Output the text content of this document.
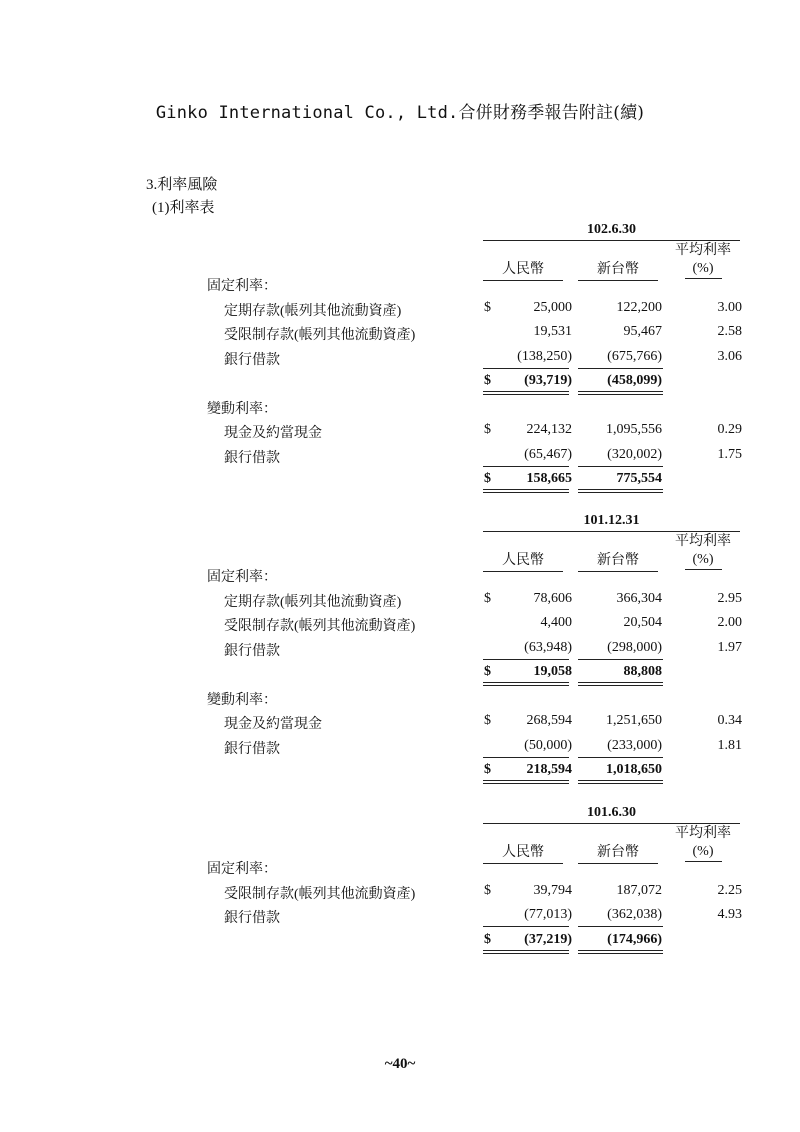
Ginko International Co., Ltd.合併財務季報告附註(續)
3.利率風險
(1)利率表
102.6.30
平均利率
(%)
人民幣	新台幣
固定利率：
定期存款(帳列其他流動資產)	$	25,000	122,200	3.00
受限制存款(帳列其他流動資產)	19,531	95,467	2.58
銀行借款	(138,250)	(675,766)	3.06
$ (93,719)	(458,099)
變動利率：
現金及約當現金	$	224,132 1,095,556	0.29
銀行借款	(65,467)	(320,002)	1.75
$	158,665	775,554
101.12.31
平均利率
(%)
人民幣	新台幣
固定利率：
定期存款(帳列其他流動資產)	$	78,606	366,304	2.95
受限制存款(帳列其他流動資產)	4,400	20,504	2.00
銀行借款	(63,948)	(298,000)	1.97
$	19,058	88,808
變動利率：
現金及約當現金	$	268,594 1,251,650	0.34
銀行借款	(50,000)	(233,000)	1.81
$	218,594 1,018,650
101.6.30
平均利率
(%)
人民幣	新台幣
固定利率：
受限制存款(帳列其他流動資產)	$	39,794	187,072	2.25
銀行借款	(77,013)	(362,038)	4.93
$ (37,219)	(174,966)
~40~
